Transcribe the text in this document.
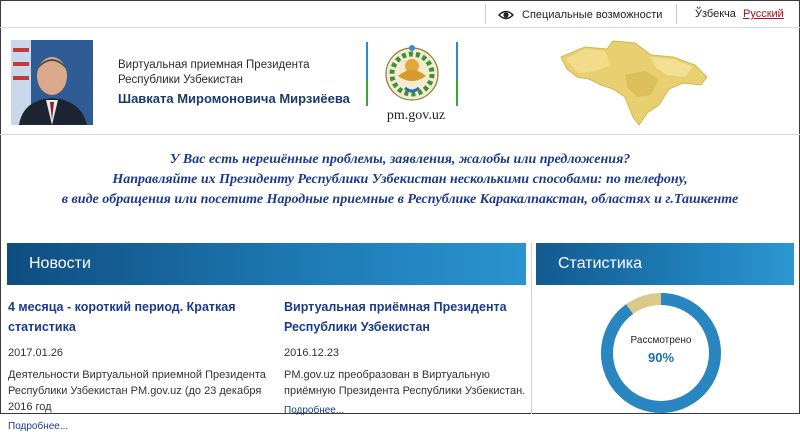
Специальные возможности	Ўзбекча Русский
Виртуальная приемная Президента
Республики Узбекистан
Шавката Миромоновича Мирзиёева
pm.gov.uz
У Вас есть нерешённые проблемы, заявления, жалобы или предложения?
Направляйте их Президенту Республики Узбекистан несколькими способами: по телефону,
в виде обращения или посетите Народные приемные в Республике Каракалпакстан, областях и г.Ташкенте
Новости
4 месяца - короткий период. Краткая статистика
2017.01.26
Деятельности Виртуальной приемной Президента Республики Узбекистан PM.gov.uz (до 23 декабря 2016 год
Подробнее...
Виртуальная приёмная Президента Республики Узбекистан
2016.12.23
PM.gov.uz преобразован в Виртуальную приёмную Президента Республики Узбекистан.
Подробнее...
Статистика
Рассмотрено
90%
